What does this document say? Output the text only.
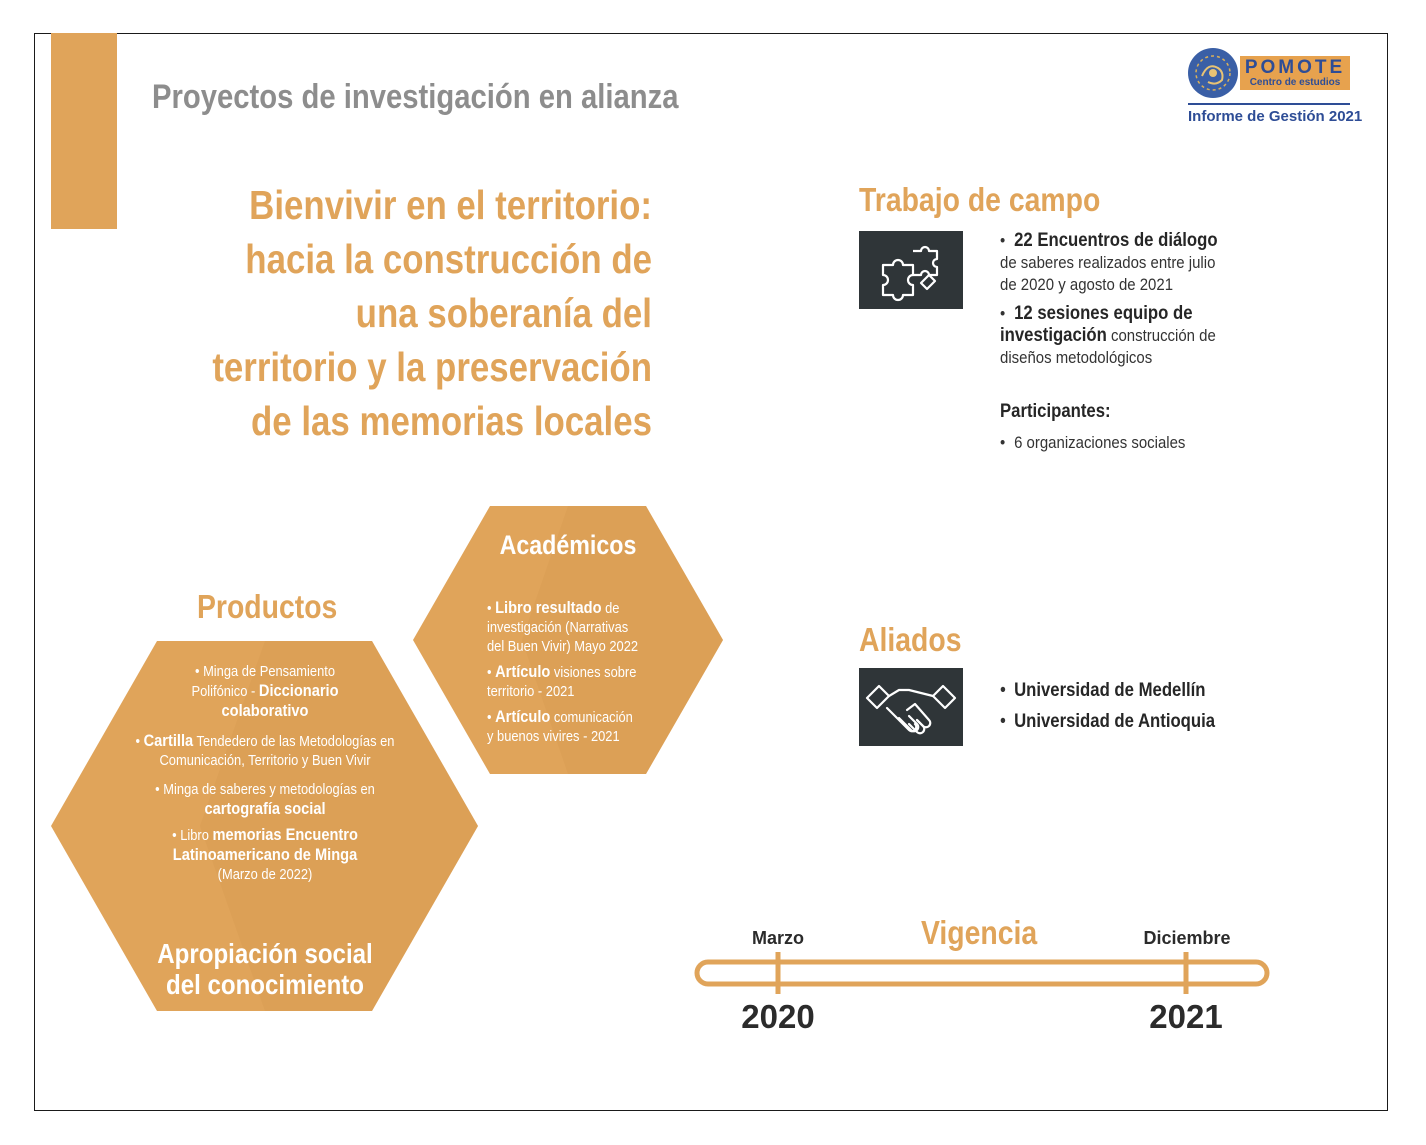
Proyectos de investigación en alianza
POMOTE
Centro de estudios
Informe de Gestión 2021
Bienvivir en el territorio:
hacia la construcción de
una soberanía del
territorio y la preservación
de las memorias locales
Trabajo de campo
• 22 Encuentros de diálogo
de saberes realizados entre julio
de 2020 y agosto de 2021
• 12 sesiones equipo de
investigación construcción de
diseños metodológicos
Participantes:
• 6 organizaciones sociales
Aliados
• Universidad de Medellín
• Universidad de Antioquia
Productos
• Minga de Pensamiento
Polifónico - Diccionario
colaborativo
• Cartilla Tendedero de las Metodologías en
Comunicación, Territorio y Buen Vivir
• Minga de saberes y metodologías en
cartografía social
• Libro memorias Encuentro
Latinoamericano de Minga
(Marzo de 2022)
Apropiación social
del conocimiento
Académicos
• Libro resultado de
investigación (Narrativas
del Buen Vivir) Mayo 2022
• Artículo visiones sobre
territorio - 2021
• Artículo comunicación
y buenos vivires - 2021
Vigencia
Marzo	Diciembre
2020	2021
